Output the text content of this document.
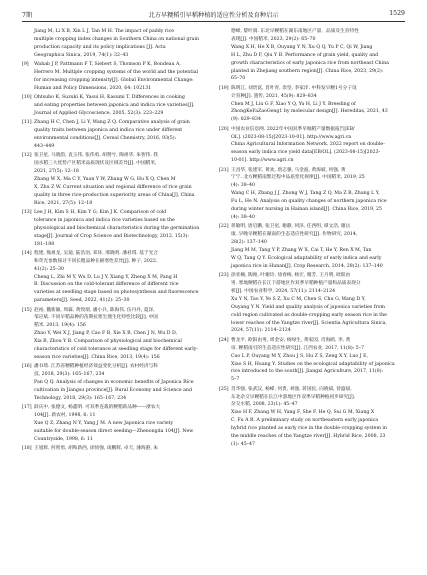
7期	北方早粳稻引早稻种植的适应性分析及育种启示	1529
Jiang M, Li X B, Xin L J, Tan M H. The impact of paddy rice
multiple cropping index changes in Southern China on national grain
production capacity and its policy implications [J]. Acta
Geographica Sinica, 2019, 74(1): 32–43
[9] Wahab J P, Pattmann F T, Siebert S, Thomson P K, Bondeau A,
Herrero M. Multiple cropping systems of the world and the potential
for increasing cropping intensity[J]. Global Environmental Change:
Human and Policy Dimensions, 2020, 64: 102131
[10] Ohtsubo K, Suzuki K, Yasui H, Kasumi T. Differences in cooking
and eating properties between japonica and indica rice varieties[J].
Journal of Applied Glycoscience, 2005, 52(3): 223–229
[11] Zhang H C, Chen J, Li Y, Wang Z Q. Comparative analysis of grain
quality traits between japonica and indica rice under different
environmental conditions[J]. Cereal Chemistry, 2016, 93(5):
443–449
[12] 张卫星, 马晓韵, 袁玉伟, 张伟勇, 胡赞兮, 陶祖华, 朱智伟. 我
国水稻三大优势产区稻米品质现状及区域差异[J]. 中国稻米,
2021, 27(5): 12–18
Zhang W X, Ma C Y, Yuan Y W, Zhang W G, Hu X Q, Chen M
X, Zhu Z W. Current situation and regional difference of rice grain
quality in three rice-production superiority areas of China[J]. China
Rice, 2021, 27(5): 12–18
[13] Lee J H, Kim S H, Kim Y G, Kim J K. Comparison of cold
tolerance in japonica and indica rice varieties based on the
physiological and biochemical characteristics during the germination
stage[J]. Journal of Crop Science and Biotechnology, 2012, 15(3):
181–188
[14] 程建, 熊祖龙, 吴迪, 陆浩羽, 邓环, 邢晓明, 潘君琪. 基于光合
和荧光参数探讨不同长粗品种在耐寒性差异[J]. 种子, 2022,
41(2): 25–30
Cheng L, Zhi M Y, Wu D, Lu J Y, Xiang Y, Zheng X M, Pang H
B. Discussion on the cold-tolerant difference of different rice
varieties at seedling stage based on photosynthesis and fluorescence
parameters[J]. Seed, 2022, 41(2): 25–30
[15] 赵裕, 魏新颖, 周霖, 黄致瑞, 潘小兵, 陈海伟, 伍丹丹, 夏泽,
邹应斌. 不同早稻品种的苗期抗寒生理生化特性比较[J]. 中国
稻米, 2013, 19(4): 156
Zhao Y, Wei X J, Jiang P, Cao F B, Xie X B, Chen J N, Wu D D,
Xia B, Zhou Y B. Comparison of physiological and biochemical
characteristics of cold tolerance at seedling stage for different early-
season rice varieties[J]. China Rice, 2013, 19(4): 156
[16] 潘书琦. 江苏省粳稻种植经济效益变化分析[J]. 农村经济与科
技, 2018, 29(3): 165–167, 234
Pan Q Q. Analysis of changes in economic benefits of Japonica Rice
cultivation in Jiangsu province[J]. Rural Economy and Science and
Technology, 2018, 29(3): 165–167, 234
[17] 薛庆中, 张德文, 杨鑫明. 可双季连栽的粳稻新品种——浙农大
104[J]. 新农村, 1998, 6: 11
Xue Q Z, Zhang N Y, Yang J M. A new Japonica rice variety
suitable for double-season direct seeding—Zhenongda 104[J]. New
Countryside, 1998, 6: 11
[18] 王旭辉, 何智勇, 胡和新西, 徐侦强, 谈鹏辉, 卓天, 薄海港, 朱
德峰, 黎叶润. 东北早粳稻在湖东南地区产量、品质及生育特性
表现[J]. 中国稻米, 2023, 29(2): 65–70
Wang X H, He X B, Ouyang Y N, Xu Q Q, Yu P C, Qi W, Jiang
H L, Zhu D F, Qiu Y B. Performance of grain yield, quality and
growth characteristics of early japonica rice from northeast China
planted in Zhejiang southern region[J]. China Rice, 2023, 29(2):
65–70
[19] 陈明江, 刘贵富, 肖叶青, 余坚, 李家洋. 中科发早粳1号分子设
计育种[J]. 遗传, 2021, 45(9): 829–834
Chen M J, Liu G F, Xiao Y Q, Yu H, Li J Y. Breeding of
ZhongKeFaZaoGeng1 by molecular design[J]. Hereditas, 2021, 43
(9): 829–834
[20] 中国农业信息网. 2022年中国双季早籼稻产量数据报告[EB/
OL]. (2023-08-15)[2023-10-01]. http://www.agri.cn
China Agricultural Information Network. 2022 report on double-
season early indica rice yield data[EB/OL]. (2023-08-15)[2023-
10-01]. http://www.agri.cn
[21] 王昌华, 张建军, 黄欢, 唐志强, 马金波, 黄海斌, 何强, 黄
宁宁. 北方粳稻南繁过程中品质变化规律[J]. 中国稻米, 2019, 25
(4): 38–40
Wang C H, Zhang J J, Zhong W J, Tang Z Q, Ma Z B, Zhang L Y,
Fu L, He N. Analysis on quality changes of northern japonica rice
during winter nursing in Hainan island[J]. China Rice, 2019, 25
(4): 38–40
[22] 蒋敏明, 唐启鹏, 张卫星, 谢静, 何泽, 任西明, 谭文浩, 谢岳
康. 早晚早粳稻在湖南的生态适应性研究[J]. 作物研究, 2014,
28(2): 137–140
Jiang M M, Tang Y P, Zhang W X, Cai T, He Y, Ren X M, Tan
W Q, Tang Q Y. Ecological adaptability of early indica and early
japonica rice in Hunan[J]. Crop Research, 2014, 28(2): 137–140
[23] 徐亚楠, 陶俊, 叶谢玲, 徐春梅, 杨宏, 睢芳, 王月明, 欧阳由
男. 寒地粳稻在长江下游地区作双季早稻种植产量和品质表现分
析[J]. 中国农业科学, 2024, 57(11): 2114–2124
Xu Y N, Tao Y, Ye S Z, Xu C M, Chen S, Chu G, Wang D Y,
Ouyang Y N. Yield and quality analysis of japonica varieties from
cold region cultivated as double-cropping early season rice in the
lower reaches of the Yangtze river[J]. Scientia Agricultura Sinica,
2024, 57(11): 2114–2124
[24] 曹龙平, 欧阳由男, 周金安, 杨绿生, 黄家园, 肖海鸥, 李, 黄
谊. 粳稻南引的生态适应性研究[J]. 江西农业, 2017, 11(8): 5–7
Cao L P, Ouyang M Y, Zhou J S, Hu Z S, Zeng X Y, Luo J E,
Xiao S H, Huang Y. Studies on the ecological adaptability of japonica
rice introduced to the south[J]. Jiangxi Agriculture, 2017, 11(8):
5–7
[25] 肖华强, 张武汉, 杨峰, 何贵, 刘强, 蒋国民, 向晓斌, 曾盛斌.
东北杂交早粳稻在长江中游地区作双季早稻种植初步研究[J].
杂交水稻, 2008, 23(1): 45–47
Xiao H F, Zhang W H, Yang F, She F, He Q, Sui G M, Xiang X
C, Fu A B. A preliminary study on northeastern early japonica
hybrid rice planted as early rice in the double-cropping system in
the middle reaches of the Yangtze river[J]. Hybrid Rice, 2008, 23
(1): 45–47
